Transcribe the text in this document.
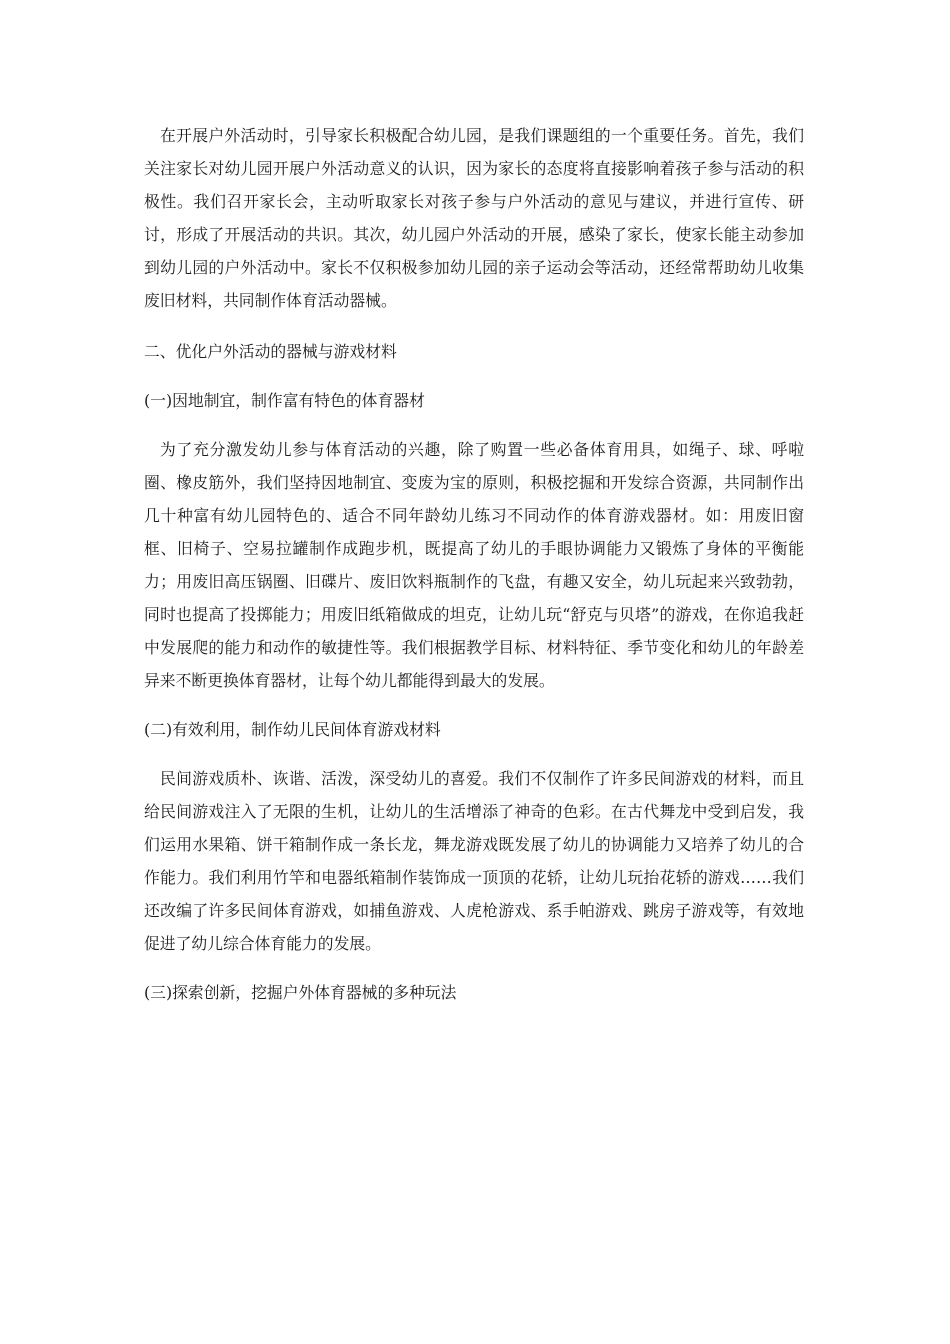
在开展户外活动时，引导家长积极配合幼儿园，是我们课题组的一个重要任务。首先，我们关注家长对幼儿园开展户外活动意义的认识，因为家长的态度将直接影响着孩子参与活动的积极性。我们召开家长会，主动听取家长对孩子参与户外活动的意见与建议，并进行宣传、研讨，形成了开展活动的共识。其次，幼儿园户外活动的开展，感染了家长，使家长能主动参加到幼儿园的户外活动中。家长不仅积极参加幼儿园的亲子运动会等活动，还经常帮助幼儿收集废旧材料，共同制作体育活动器械。

二、优化户外活动的器械与游戏材料

(一)因地制宜，制作富有特色的体育器材

为了充分激发幼儿参与体育活动的兴趣，除了购置一些必备体育用具，如绳子、球、呼啦圈、橡皮筋外，我们坚持因地制宜、变废为宝的原则，积极挖掘和开发综合资源，共同制作出几十种富有幼儿园特色的、适合不同年龄幼儿练习不同动作的体育游戏器材。如：用废旧窗框、旧椅子、空易拉罐制作成跑步机，既提高了幼儿的手眼协调能力又锻炼了身体的平衡能力；用废旧高压锅圈、旧碟片、废旧饮料瓶制作的飞盘，有趣又安全，幼儿玩起来兴致勃勃，同时也提高了投掷能力；用废旧纸箱做成的坦克，让幼儿玩“舒克与贝塔”的游戏，在你追我赶中发展爬的能力和动作的敏捷性等。我们根据教学目标、材料特征、季节变化和幼儿的年龄差异来不断更换体育器材，让每个幼儿都能得到最大的发展。

(二)有效利用，制作幼儿民间体育游戏材料

民间游戏质朴、诙谐、活泼，深受幼儿的喜爱。我们不仅制作了许多民间游戏的材料，而且给民间游戏注入了无限的生机，让幼儿的生活增添了神奇的色彩。在古代舞龙中受到启发，我们运用水果箱、饼干箱制作成一条长龙，舞龙游戏既发展了幼儿的协调能力又培养了幼儿的合作能力。我们利用竹竿和电器纸箱制作装饰成一顶顶的花轿，让幼儿玩抬花轿的游戏……我们还改编了许多民间体育游戏，如捕鱼游戏、人虎枪游戏、系手帕游戏、跳房子游戏等，有效地促进了幼儿综合体育能力的发展。

(三)探索创新，挖掘户外体育器械的多种玩法
